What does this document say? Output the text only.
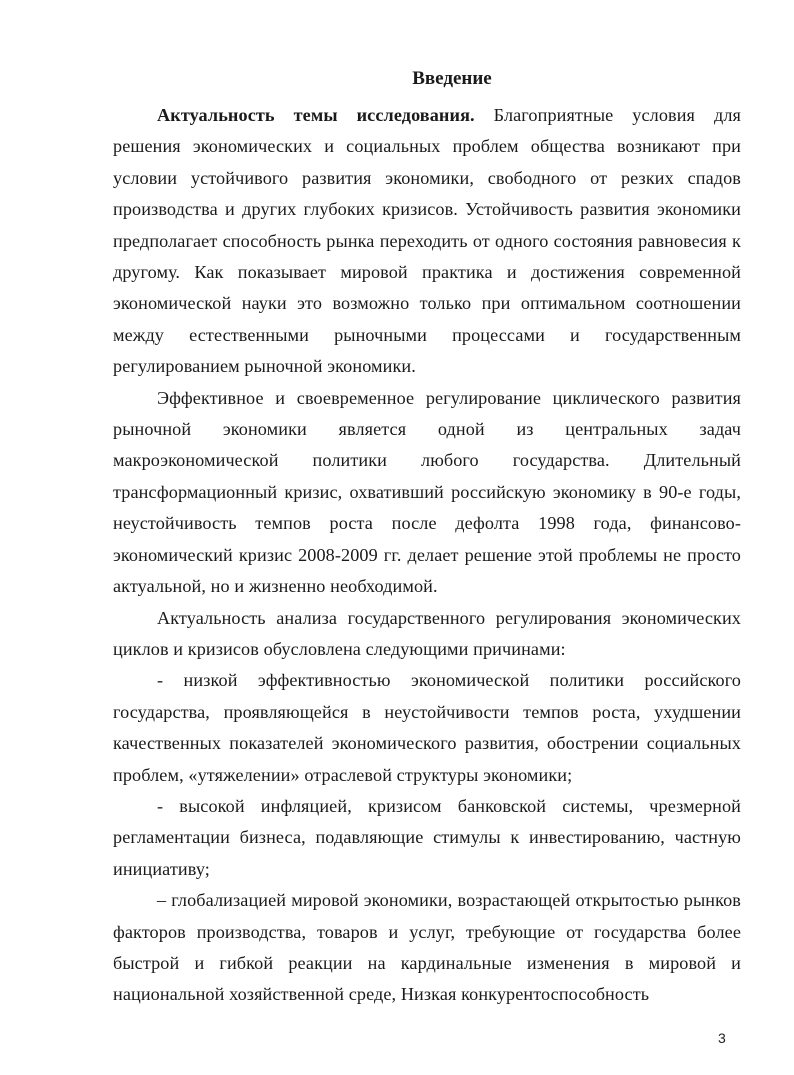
Введение

Актуальность темы исследования. Благоприятные условия для решения экономических и социальных проблем общества возникают при условии устойчивого развития экономики, свободного от резких спадов производства и других глубоких кризисов. Устойчивость развития экономики предполагает способность рынка переходить от одного состояния равновесия к другому. Как показывает мировой практика и достижения современной экономической науки это возможно только при оптимальном соотношении между естественными рыночными процессами и государственным регулированием рыночной экономики.

Эффективное и своевременное регулирование циклического развития рыночной экономики является одной из центральных задач макроэкономической политики любого государства. Длительный трансформационный кризис, охвативший российскую экономику в 90-е годы, неустойчивость темпов роста после дефолта 1998 года, финансово-экономический кризис 2008-2009 гг. делает решение этой проблемы не просто актуальной, но и жизненно необходимой.

Актуальность анализа государственного регулирования экономических циклов и кризисов обусловлена следующими причинами:

- низкой эффективностью экономической политики российского государства, проявляющейся в неустойчивости темпов роста, ухудшении качественных показателей экономического развития, обострении социальных проблем, «утяжелении» отраслевой структуры экономики;

- высокой инфляцией, кризисом банковской системы, чрезмерной регламентации бизнеса, подавляющие стимулы к инвестированию, частную инициативу;

– глобализацией мировой экономики, возрастающей открытостью рынков факторов производства, товаров и услуг, требующие от государства более быстрой и гибкой реакции на кардинальные изменения в мировой и национальной хозяйственной среде, Низкая конкурентоспособность

3
